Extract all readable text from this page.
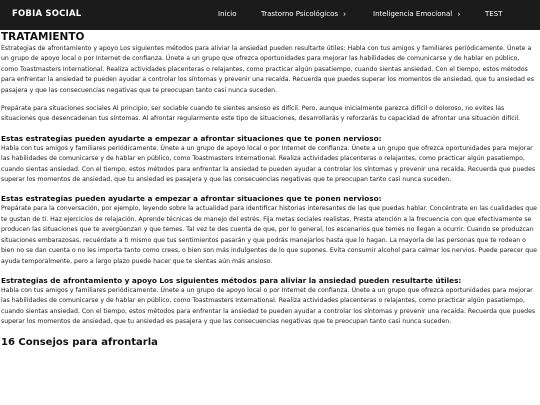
FOBIA SOCIAL	Inicio	Trastorno Psicológicos ›	Inteligencia Emocional ›	TEST
TRATAMIENTO

Estrategias de afrontamiento y apoyo Los siguientes métodos para aliviar la ansiedad pueden resultarte útiles: Habla con tus amigos y familiares periódicamente. Únete a un grupo de apoyo local o por Internet de confianza. Únete a un grupo que ofrezca oportunidades para mejorar las habilidades de comunicarse y de hablar en público, como Toastmasters International. Realiza actividades placenteras o relajantes, como practicar algún pasatiempo, cuando sientas ansiedad. Con el tiempo, estos métodos para enfrentar la ansiedad te pueden ayudar a controlar los síntomas y prevenir una recaída. Recuerda que puedes superar los momentos de ansiedad, que tu ansiedad es pasajera y que las consecuencias negativas que te preocupan tanto casi nunca suceden.

Prepárate para situaciones sociales Al principio, ser sociable cuando te sientes ansioso es difícil. Pero, aunque inicialmente parezca difícil o doloroso, no evites las situaciones que desencadenan tus síntomas. Al afrontar regularmente este tipo de situaciones, desarrollarás y reforzarás tu capacidad de afrontar una situación difícil.

Estas estrategias pueden ayudarte a empezar a afrontar situaciones que te ponen nervioso:

Habla con tus amigos y familiares periódicamente. Únete a un grupo de apoyo local o por Internet de confianza. Únete a un grupo que ofrezca oportunidades para mejorar las habilidades de comunicarse y de hablar en público, como Toastmasters International. Realiza actividades placenteras o relajantes, como practicar algún pasatiempo, cuando sientas ansiedad. Con el tiempo, estos métodos para enfrentar la ansiedad te pueden ayudar a controlar los síntomas y prevenir una recaída. Recuerda que puedes superar los momentos de ansiedad, que tu ansiedad es pasajera y que las consecuencias negativas que te preocupan tanto casi nunca suceden.

Estas estrategias pueden ayudarte a empezar a afrontar situaciones que te ponen nervioso:

Prepárate para la conversación, por ejemplo, leyendo sobre la actualidad para identificar historias interesantes de las que puedas hablar. Concéntrate en las cualidades que te gustan de ti. Haz ejercicios de relajación. Aprende técnicas de manejo del estrés. Fija metas sociales realistas. Presta atención a la frecuencia con que efectivamente se producen las situaciones que te avergüenzan y que temes. Tal vez te des cuenta de que, por lo general, los escenarios que temes no llegan a ocurrir. Cuando se produzcan situaciones embarazosas, recuérdate a ti mismo que tus sentimientos pasarán y que podrás manejarlos hasta que lo hagan. La mayoría de las personas que te rodean o bien no se dan cuenta o no les importa tanto como crees, o bien son más indulgentes de lo que supones. Evita consumir alcohol para calmar los nervios. Puede parecer que ayuda temporalmente, pero a largo plazo puede hacer que te sientas aún más ansioso.

Estrategias de afrontamiento y apoyo Los siguientes métodos para aliviar la ansiedad pueden resultarte útiles:

Habla con tus amigos y familiares periódicamente. Únete a un grupo de apoyo local o por Internet de confianza. Únete a un grupo que ofrezca oportunidades para mejorar las habilidades de comunicarse y de hablar en público, como Toastmasters International. Realiza actividades placenteras o relajantes, como practicar algún pasatiempo, cuando sientas ansiedad. Con el tiempo, estos métodos para enfrentar la ansiedad te pueden ayudar a controlar los síntomas y prevenir una recaída. Recuerda que puedes superar los momentos de ansiedad, que tu ansiedad es pasajera y que las consecuencias negativas que te preocupan tanto casi nunca suceden.

16 Consejos para afrontarla
